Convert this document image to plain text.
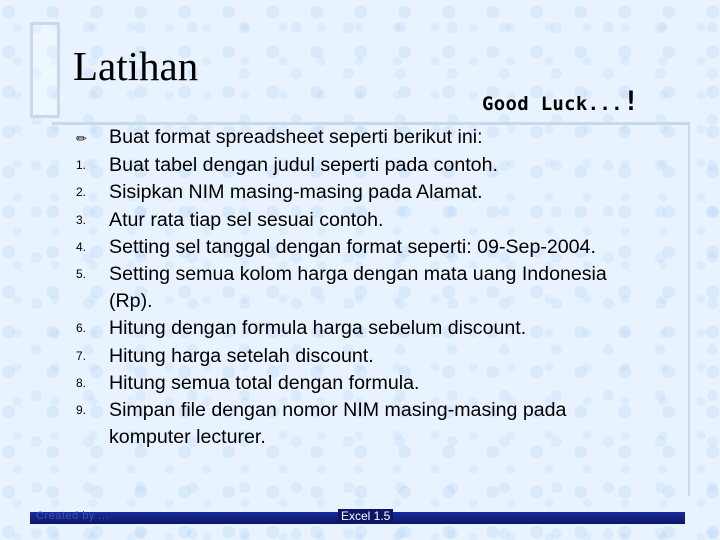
Latihan
Good Luck...!
✏	Buat format spreadsheet seperti berikut ini:
1.	Buat tabel dengan judul seperti pada contoh.
2.	Sisipkan NIM masing-masing pada Alamat.
3.	Atur rata tiap sel sesuai contoh.
4.	Setting sel tanggal dengan format seperti: 09-Sep-2004.
5.	Setting semua kolom harga dengan mata uang Indonesia (Rp).
6.	Hitung dengan formula harga sebelum discount.
7.	Hitung harga setelah discount.
8.	Hitung semua total dengan formula.
9.	Simpan file dengan nomor NIM masing-masing pada komputer lecturer.
Created by ...	Excel 1.5
